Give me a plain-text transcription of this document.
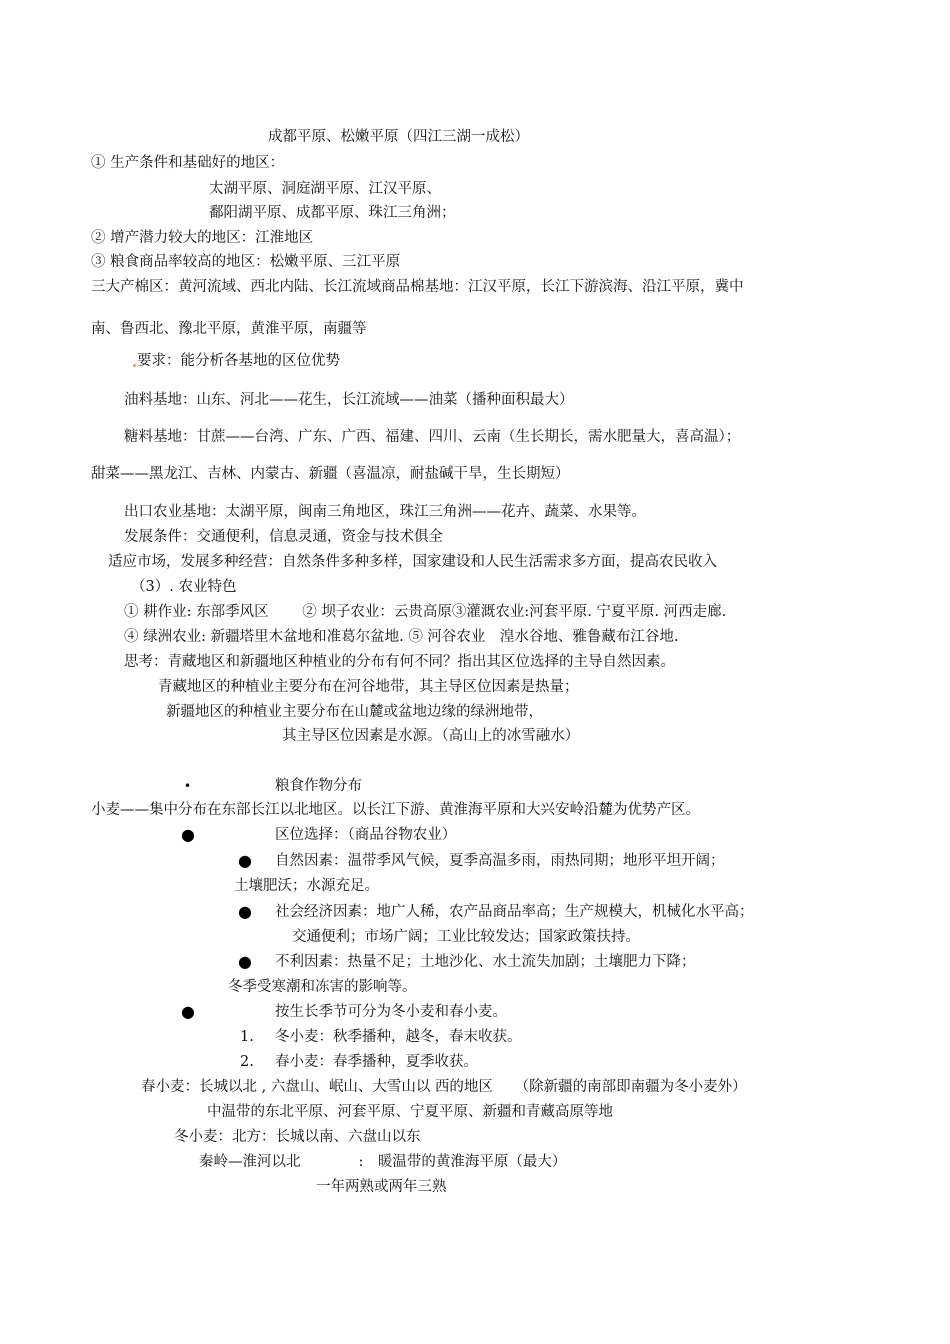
成都平原、松嫩平原（四江三湖一成松）
① 生产条件和基础好的地区：
太湖平原、洞庭湖平原、江汉平原、
鄱阳湖平原、成都平原、珠江三角洲；
② 增产潜力较大的地区：江淮地区
③ 粮食商品率较高的地区：松嫩平原、三江平原
三大产棉区：黄河流域、西北内陆、长江流域商品棉基地：江汉平原，长江下游滨海、沿江平原，冀中
南、鲁西北、豫北平原，黄淮平原，南疆等
要求：能分析各基地的区位优势
油料基地：山东、河北——花生，长江流域——油菜（播种面积最大）
糖料基地：甘蔗——台湾、广东、广西、福建、四川、云南（生长期长，需水肥量大，喜高温）；
甜菜——黑龙江、吉林、内蒙古、新疆（喜温凉，耐盐碱干旱，生长期短）
出口农业基地：太湖平原，闽南三角地区，珠江三角洲——花卉、蔬菜、水果等。
发展条件：交通便利，信息灵通，资金与技术俱全
适应市场，发展多种经营：自然条件多种多样，国家建设和人民生活需求多方面，提高农民收入
（3）. 农业特色
① 耕作业: 东部季风区　　 ② 坝子农业：云贵高原③灌溉农业:河套平原. 宁夏平原. 河西走廊.
④ 绿洲农业: 新疆塔里木盆地和准葛尔盆地. ⑤ 河谷农业　湟水谷地、雅鲁藏布江谷地.
思考：青藏地区和新疆地区种植业的分布有何不同？指出其区位选择的主导自然因素。
青藏地区的种植业主要分布在河谷地带，其主导区位因素是热量；
新疆地区的种植业主要分布在山麓或盆地边缘的绿洲地带，
其主导区位因素是水源。（高山上的冰雪融水）
•	粮食作物分布
小麦——集中分布在东部长江以北地区。以长江下游、黄淮海平原和大兴安岭沿麓为优势产区。
●	区位选择：（商品谷物农业）
● 自然因素：温带季风气候，夏季高温多雨，雨热同期；地形平坦开阔；
土壤肥沃；水源充足。
● 社会经济因素：地广人稀，农产品商品率高；生产规模大，机械化水平高；
交通便利；市场广阔；工业比较发达；国家政策扶持。
● 不利因素：热量不足；土地沙化、水土流失加剧；土壤肥力下降；
冬季受寒潮和冻害的影响等。
●	按生长季节可分为冬小麦和春小麦。
1. 冬小麦：秋季播种，越冬，春末收获。
2. 春小麦：春季播种，夏季收获。
春小麦：长城以北 , 六盘山、岷山、大雪山以 西的地区　　（除新疆的南部即南疆为冬小麦外）
中温带的东北平原、河套平原、宁夏平原、新疆和青藏高原等地
冬小麦：北方：长城以南、六盘山以东
秦岭—淮河以北　　　　:　暖温带的黄淮海平原（最大）
一年两熟或两年三熟
